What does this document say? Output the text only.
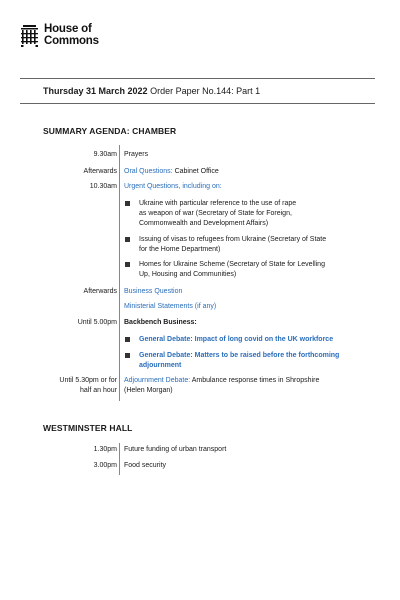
House of
Commons
Thursday 31 March 2022 Order Paper No.144: Part 1
SUMMARY AGENDA: CHAMBER
9.30am Prayers
Afterwards Oral Questions: Cabinet Office
10.30am Urgent Questions, including on:
Ukraine with particular reference to the use of rape
as weapon of war (Secretary of State for Foreign,
Commonwealth and Development Affairs)
Issuing of visas to refugees from Ukraine (Secretary of State
for the Home Department)
Homes for Ukraine Scheme (Secretary of State for Levelling
Up, Housing and Communities)
Afterwards Business Question
Ministerial Statements (if any)
Until 5.00pm Backbench Business:
General Debate: Impact of long covid on the UK workforce
General Debate: Matters to be raised before the forthcoming
adjournment
Until 5.30pm or for
half an hour
Adjournment Debate: Ambulance response times in Shropshire
(Helen Morgan)
WESTMINSTER HALL
1.30pm Future funding of urban transport
3.00pm Food security
